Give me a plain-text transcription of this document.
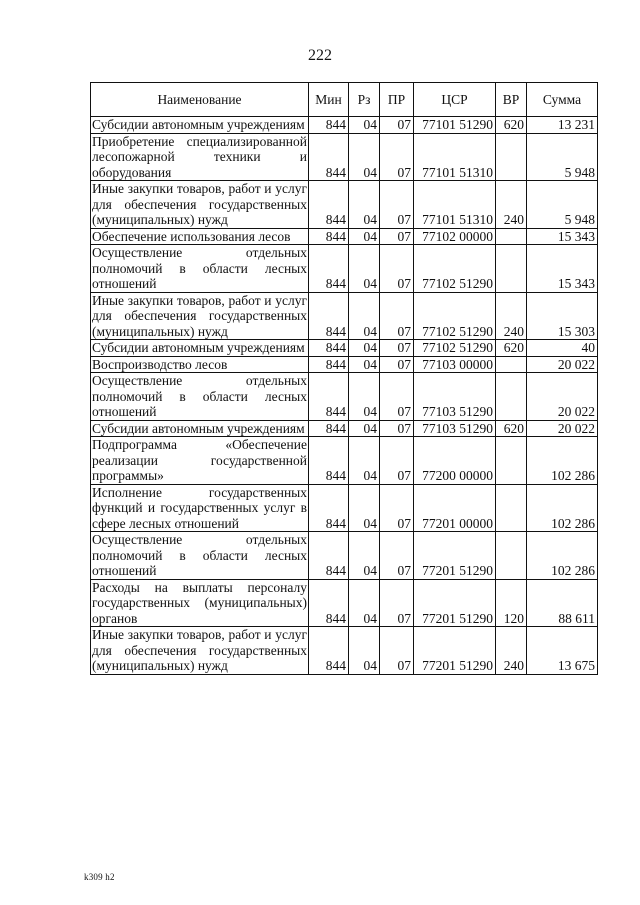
222
Наименование	Мин	Рз	ПР	ЦСР	ВР	Сумма
Субсидии автономным учреждениям	844	04	07	77101 51290	620	13 231
Приобретение специализированной лесопожарной техники и оборудования	844	04	07	77101 51310		5 948
Иные закупки товаров, работ и услуг для обеспечения государственных (муниципальных) нужд	844	04	07	77101 51310	240	5 948
Обеспечение использования лесов	844	04	07	77102 00000		15 343
Осуществление отдельных полномочий в области лесных отношений	844	04	07	77102 51290		15 343
Иные закупки товаров, работ и услуг для обеспечения государственных (муниципальных) нужд	844	04	07	77102 51290	240	15 303
Субсидии автономным учреждениям	844	04	07	77102 51290	620	40
Воспроизводство лесов	844	04	07	77103 00000		20 022
Осуществление отдельных полномочий в области лесных отношений	844	04	07	77103 51290		20 022
Субсидии автономным учреждениям	844	04	07	77103 51290	620	20 022
Подпрограмма «Обеспечение реализации государственной программы»	844	04	07	77200 00000		102 286
Исполнение государственных функций и государственных услуг в сфере лесных отношений	844	04	07	77201 00000		102 286
Осуществление отдельных полномочий в области лесных отношений	844	04	07	77201 51290		102 286
Расходы на выплаты персоналу государственных (муниципальных) органов	844	04	07	77201 51290	120	88 611
Иные закупки товаров, работ и услуг для обеспечения государственных (муниципальных) нужд	844	04	07	77201 51290	240	13 675
k309 h2
